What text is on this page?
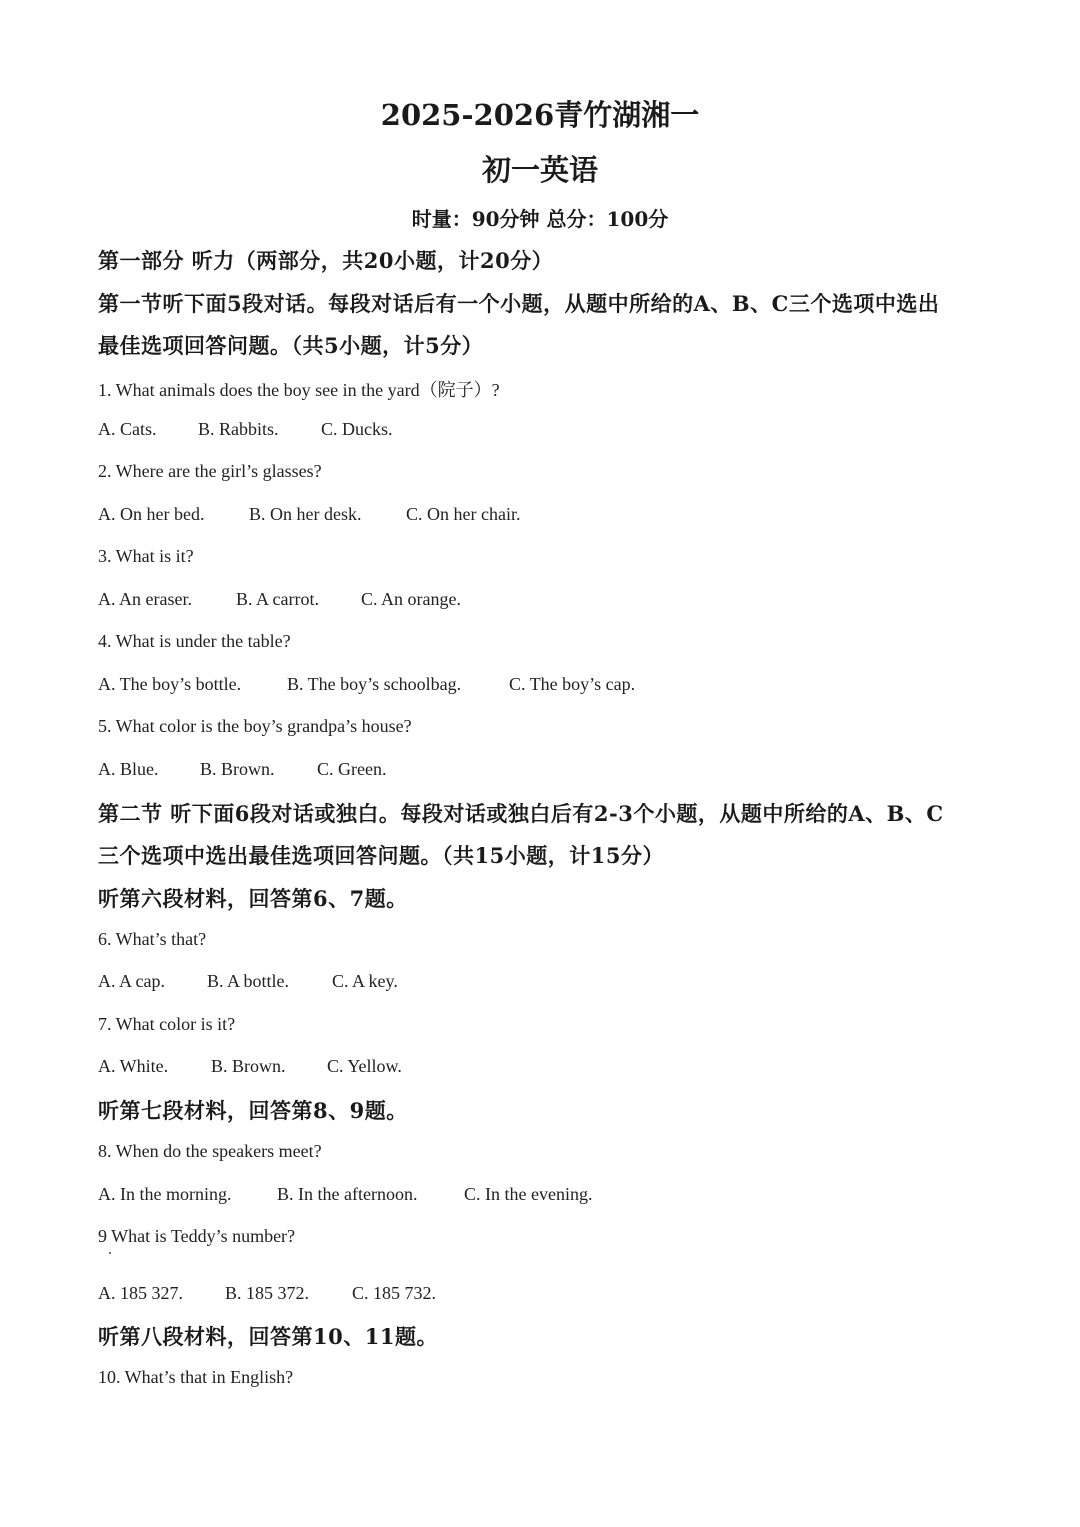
2025-2026青竹湖湘一
初一英语
时量：90分钟 总分：100分
第一部分 听力（两部分，共20小题，计20分）
第一节听下面5段对话。每段对话后有一个小题，从题中所给的A、B、C三个选项中选出
最佳选项回答问题。（共5小题，计5分）
1. What animals does the boy see in the yard（院子）?
A. Cats. B. Rabbits. C. Ducks.
2. Where are the girl’s glasses?
A. On her bed. B. On her desk. C. On her chair.
3. What is it?
A. An eraser. B. A carrot. C. An orange.
4. What is under the table?
A. The boy’s bottle.	B. The boy’s schoolbag.	C. The boy’s cap.
5. What color is the boy’s grandpa’s house?
A. Blue. B. Brown. C. Green.
第二节 听下面6段对话或独白。每段对话或独白后有2-3个小题，从题中所给的A、B、C
三个选项中选出最佳选项回答问题。（共15小题，计15分）
听第六段材料，回答第6、7题。
6. What’s that?
A. A cap. B. A bottle. C. A key.
7. What color is it?
A. White. B. Brown. C. Yellow.
听第七段材料，回答第8、9题。
8. When do the speakers meet?
A. In the morning.	B. In the afternoon.	C. In the evening.
9 What is Teddy’s number?
A. 185 327. B. 185 372. C. 185 732.
听第八段材料，回答第10、11题。
10. What’s that in English?
